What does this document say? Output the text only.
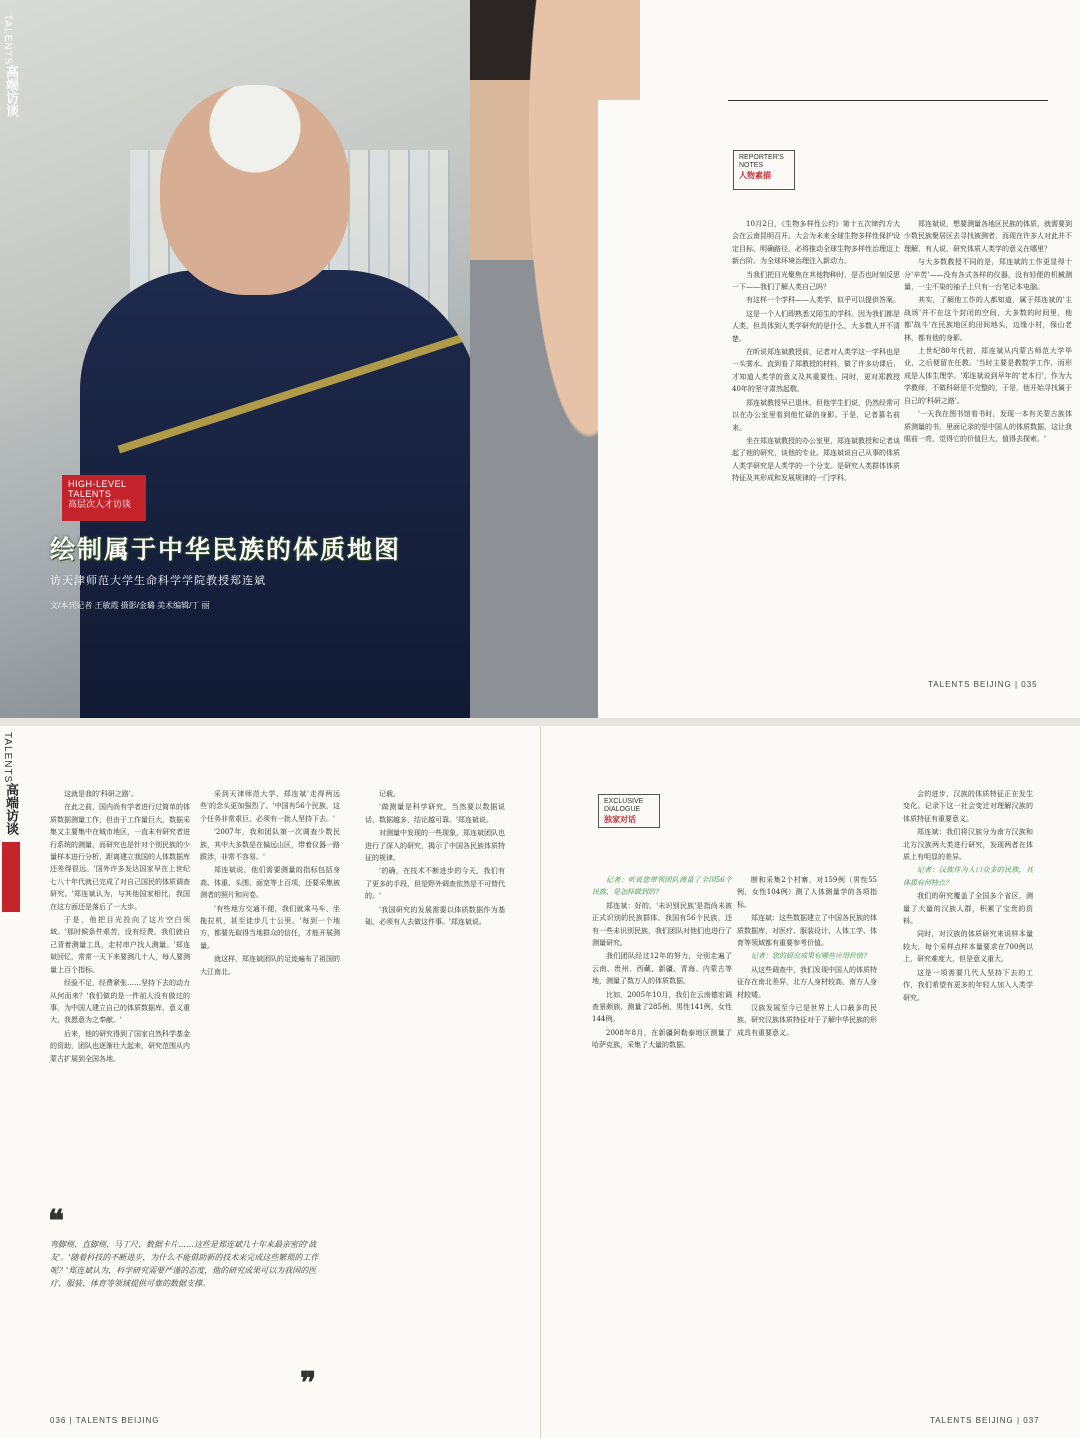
TALENTS
高端访谈
HIGH-LEVEL
TALENTS
高层次人才访谈
绘制属于中华民族的体质地图
访天津师范大学生命科学学院教授郑连斌
文/本刊记者 王敏霞 摄影/金璐 美术编辑/丁 丽
REPORTER'S
NOTES
人物素描

10月2日，《生物多样性公约》第十五次缔约方大会在云南昆明召开。大会为未来全球生物多样性保护设定目标，明确路径，必将推动全球生物多样性治理迈上新台阶。为全球环境治理注入新动力。

当我们把目光聚焦在其他物种时，是否也时刻反思一下——我们了解人类自己吗？

有这样一个学科——人类学，似乎可以提供答案。

这是一个人们即熟悉又陌生的学科。因为我们都是人类，但具体到人类学研究的是什么，大多数人并不清楚。

在昕说郑连斌教授前，记者对人类学这一学科也是一头雾水。直到看了郑教授的材料，做了许多功课后，才知道人类学的意义及其重要性。同时，更对郑教授40年的坚守肃然起敬。

郑连斌教授早已退休，但他学生们说，仍然经常可以在办公室里看到他忙碌的身影。于是，记者慕名前来。

坐在郑连斌教授的办公室里，郑连斌教授和记者谈起了他的研究，谈他的专业。郑连斌说自己从事的体质人类学研究是人类学的一个分支。是研究人类群体体质特征及其形成和发展规律的一门学科。

郑连斌说，想要测量各地区民族的体质，就需要到少数民族聚居区去寻找被测者，而现在许多人对此并不理解，有人说，研究体质人类学的意义在哪里？

与大多数教授不同的是，郑连斌的工作更显得十分'辛苦'——没有各式各样的仪器，没有轻便的机械测量，一尘不染的袖子上只有一台笔记本电脑。

其实，了解他工作的人都知道，属于郑连斌的'主战场'并不在这个封闭的空间，大多数的时间里，他都'战斗'在民族地区的田间地头，边缘小村，保山老林，都有他的身影。

上世纪80年代初，郑连斌从内蒙古师范大学毕业，之后便留在任教。'当时主要是教数学工作，而形成是人体生理学。'郑连斌说到早年的'老本行'，作为大学教师，不做科研是不完整的，于是，他开始寻找属于自己的'科研之路'。

'一天我在图书馆看书时，发现一本有关蒙古族体质测量的书，里面记录的是中国人的体质数据，这让我眼前一亮，觉得它的价值巨大，值得去探索。'

TALENTS BEIJING | 035
TALENTS
高端访谈	这就是我的'科研之路'。

在此之前，国内尚有学者进行过简单的体质数据测量工作，但由于工作量巨大，数据采集又主要集中在城市地区，一直未有研究者进行系统的测量，而研究也是针对个别民族的少量样本进行分析，距离建立我国的人体数据库还差得很远。'国外许多发达国家早在上世纪七八十年代就已完成了对自己国民的体质调查研究。'郑连斌认为，与其他国家相比，我国在这方面还是落后了一大步。

于是，他把目光投向了这片空白领域。'那时候条件艰苦，没有经费，我们就自己背着测量工具，走村串户找人测量。'郑连斌回忆，常常一天下来要测几十人，每人要测量上百个指标。

经验不足，经费紧张……坚持下去的动力从何而来？'我们做的是一件前人没有做过的事，为中国人建立自己的体质数据库，意义重大，我愿意为之奉献。'

后来，他的研究得到了国家自然科学基金的资助，团队也逐渐壮大起来，研究范围从内蒙古扩展到全国各地。

采到天津师范大学，郑连斌'走得两远些'的念头更加强烈了。'中国有56个民族，这个任务非常艰巨，必须有一批人坚持下去。'

'2007年，我和团队第一次调查少数民族，其中大多数是在偏远山区，带着仪器一路跋涉，非常不容易。'

郑连斌说，他们需要测量的指标包括身高、体重、头围、面宽等上百项，还要采集被测者的照片和问卷。

'有些地方交通不便，我们就乘马车、坐拖拉机，甚至徒步几十公里。'每到一个地方，都要先取得当地群众的信任，才能开展测量。

就这样，郑连斌团队的足迹遍布了祖国的大江南北。

记载。

'做测量是科学研究，当然要以数据说话，数据越多，结论越可靠。'郑连斌说。

对测量中发现的一些现象，郑连斌团队也进行了深入的研究，揭示了中国各民族体质特征的规律。

'的确，在技术不断进步的今天，我们有了更多的手段，但是野外调查依然是不可替代的。'

'我国研究的发展需要以体质数据作为基础，必须有人去做这件事。'郑连斌说。

❝
弯脚规、直脚规、马丁尺、数据卡片……这些是郑连斌几十年来最亲密的'战友'。'随着科技的不断进步，为什么不能借助新的技术来完成这些繁琐的工作呢？'郑连斌认为，科学研究需要严谨的态度，他的研究成果可以为我国的医疗、服装、体育等领域提供可靠的数据支撑。
❞
EXCLUSIVE
DIALOGUE
独家对话

记者：听说您带领团队测量了全国56个民族，是怎样做到的？

郑连斌：好的。'未识别民族'是指尚未被正式识别的民族群体。我国有56个民族，还有一些未识别民族，我们团队对他们也进行了测量研究。

我们团队经过12年的努力，分别走遍了云南、贵州、西藏、新疆、青海、内蒙古等地，测量了数万人的体质数据。

比如，2005年10月，我们在云南德宏调查景颇族，测量了285例，男性141例，女性144例。

2008年8月，在新疆阿勒泰地区测量了哈萨克族，采集了大量的数据。

断和采集2个村寨，对159例（男性55例，女性104例）测了人体测量学的各项指标。

郑连斌：这些数据建立了中国各民族的体质数据库，对医疗、服装设计、人体工学、体育等领域都有重要参考价值。

记者：您的研究成果有哪些应用价值？

从这些调查中，我们发现中国人的体质特征存在南北差异，北方人身材较高，南方人身材较矮。

汉族发展至今已是世界上人口最多的民族，研究汉族体质特征对于了解中华民族的形成具有重要意义。

会的进步，汉族的体质特征正在发生变化。记录下这一社会变迁对理解汉族的体质特征有重要意义。

郑连斌：我们将汉族分为南方汉族和北方汉族两大类进行研究，发现两者在体质上有明显的差异。

记者：汉族作为人口众多的民族，其体质有何特点？

我们的研究覆盖了全国多个省区，测量了大量的汉族人群，积累了宝贵的资料。

同时，对汉族的体质研究来说样本量较大，每个采样点样本量要求在700例以上，研究难度大，但是意义重大。

这是一项需要几代人坚持下去的工作，我们希望有更多的年轻人加入人类学研究。

036 | TALENTS BEIJING	TALENTS BEIJING | 037
